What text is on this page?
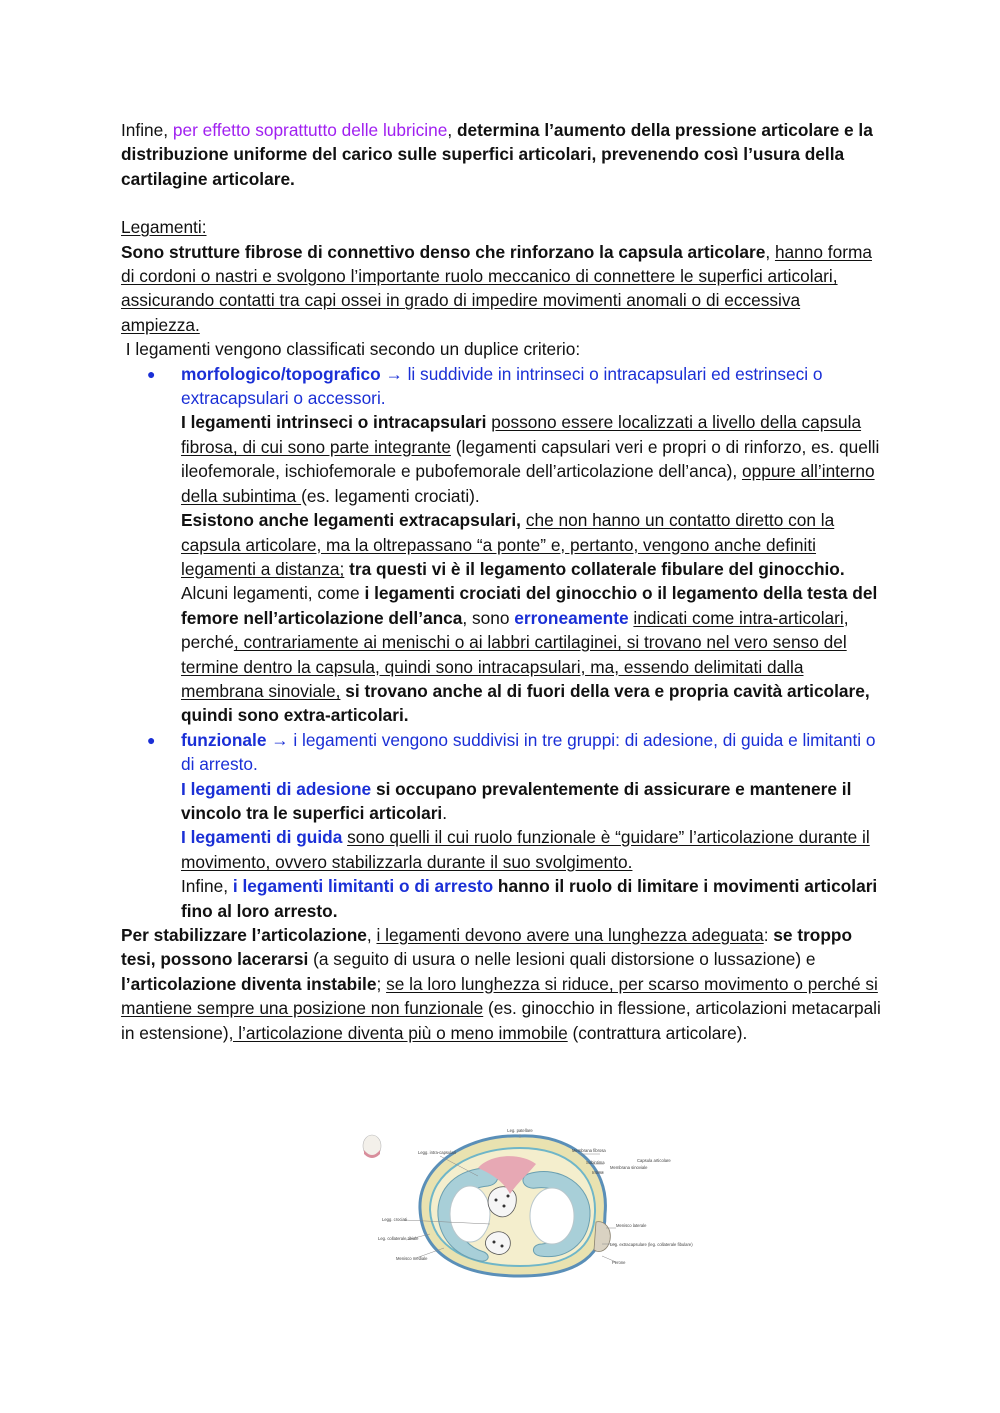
Infine, per effetto soprattutto delle lubricine, determina l’aumento della pressione articolare e la distribuzione uniforme del carico sulle superfici articolari, prevenendo così l’usura della cartilagine articolare.

Legamenti:

Sono strutture fibrose di connettivo denso che rinforzano la capsula articolare, hanno forma di cordoni o nastri e svolgono l’importante ruolo meccanico di connettere le superfici articolari, assicurando contatti tra capi ossei in grado di impedire movimenti anomali o di eccessiva ampiezza.

I legamenti vengono classificati secondo un duplice criterio:

● morfologico/topografico → li suddivide in intrinseci o intracapsulari ed estrinseci o extracapsulari o accessori.

I legamenti intrinseci o intracapsulari possono essere localizzati a livello della capsula fibrosa, di cui sono parte integrante (legamenti capsulari veri e propri o di rinforzo, es. quelli ileofemorale, ischiofemorale e pubofemorale dell’articolazione dell’anca), oppure all’interno della subintima (es. legamenti crociati).

Esistono anche legamenti extracapsulari, che non hanno un contatto diretto con la capsula articolare, ma la oltrepassano “a ponte” e, pertanto, vengono anche definiti legamenti a distanza; tra questi vi è il legamento collaterale fibulare del ginocchio.

Alcuni legamenti, come i legamenti crociati del ginocchio o il legamento della testa del femore nell’articolazione dell’anca, sono erroneamente indicati come intra-articolari, perché, contrariamente ai menischi o ai labbri cartilaginei, si trovano nel vero senso del termine dentro la capsula, quindi sono intracapsulari, ma, essendo delimitati dalla membrana sinoviale, si trovano anche al di fuori della vera e propria cavità articolare, quindi sono extra-articolari.

● funzionale → i legamenti vengono suddivisi in tre gruppi: di adesione, di guida e limitanti o di arresto.

I legamenti di adesione si occupano prevalentemente di assicurare e mantenere il vincolo tra le superfici articolari.

I legamenti di guida sono quelli il cui ruolo funzionale è “guidare” l’articolazione durante il movimento, ovvero stabilizzarla durante il suo svolgimento.

Infine, i legamenti limitanti o di arresto hanno il ruolo di limitare i movimenti articolari fino al loro arresto.

Per stabilizzare l’articolazione, i legamenti devono avere una lunghezza adeguata: se troppo tesi, possono lacerarsi (a seguito di usura o nelle lesioni quali distorsione o lussazione) e l’articolazione diventa instabile; se la loro lunghezza si riduce, per scarso movimento o perché si mantiene sempre una posizione non funzionale (es. ginocchio in flessione, articolazioni metacarpali in estensione), l’articolazione diventa più o meno immobile (contrattura articolare).

Leg. patellare
Legg. intra-capsulari	Membrana fibrosa
Subintima
Intima
Membrana sinoviale
Capsula articolare
Legg. crociati
Leg. collaterale tibiale
Menisco mediale
Menisco laterale
Leg. extracapsulare (leg. collaterale fibulare)
Perone
